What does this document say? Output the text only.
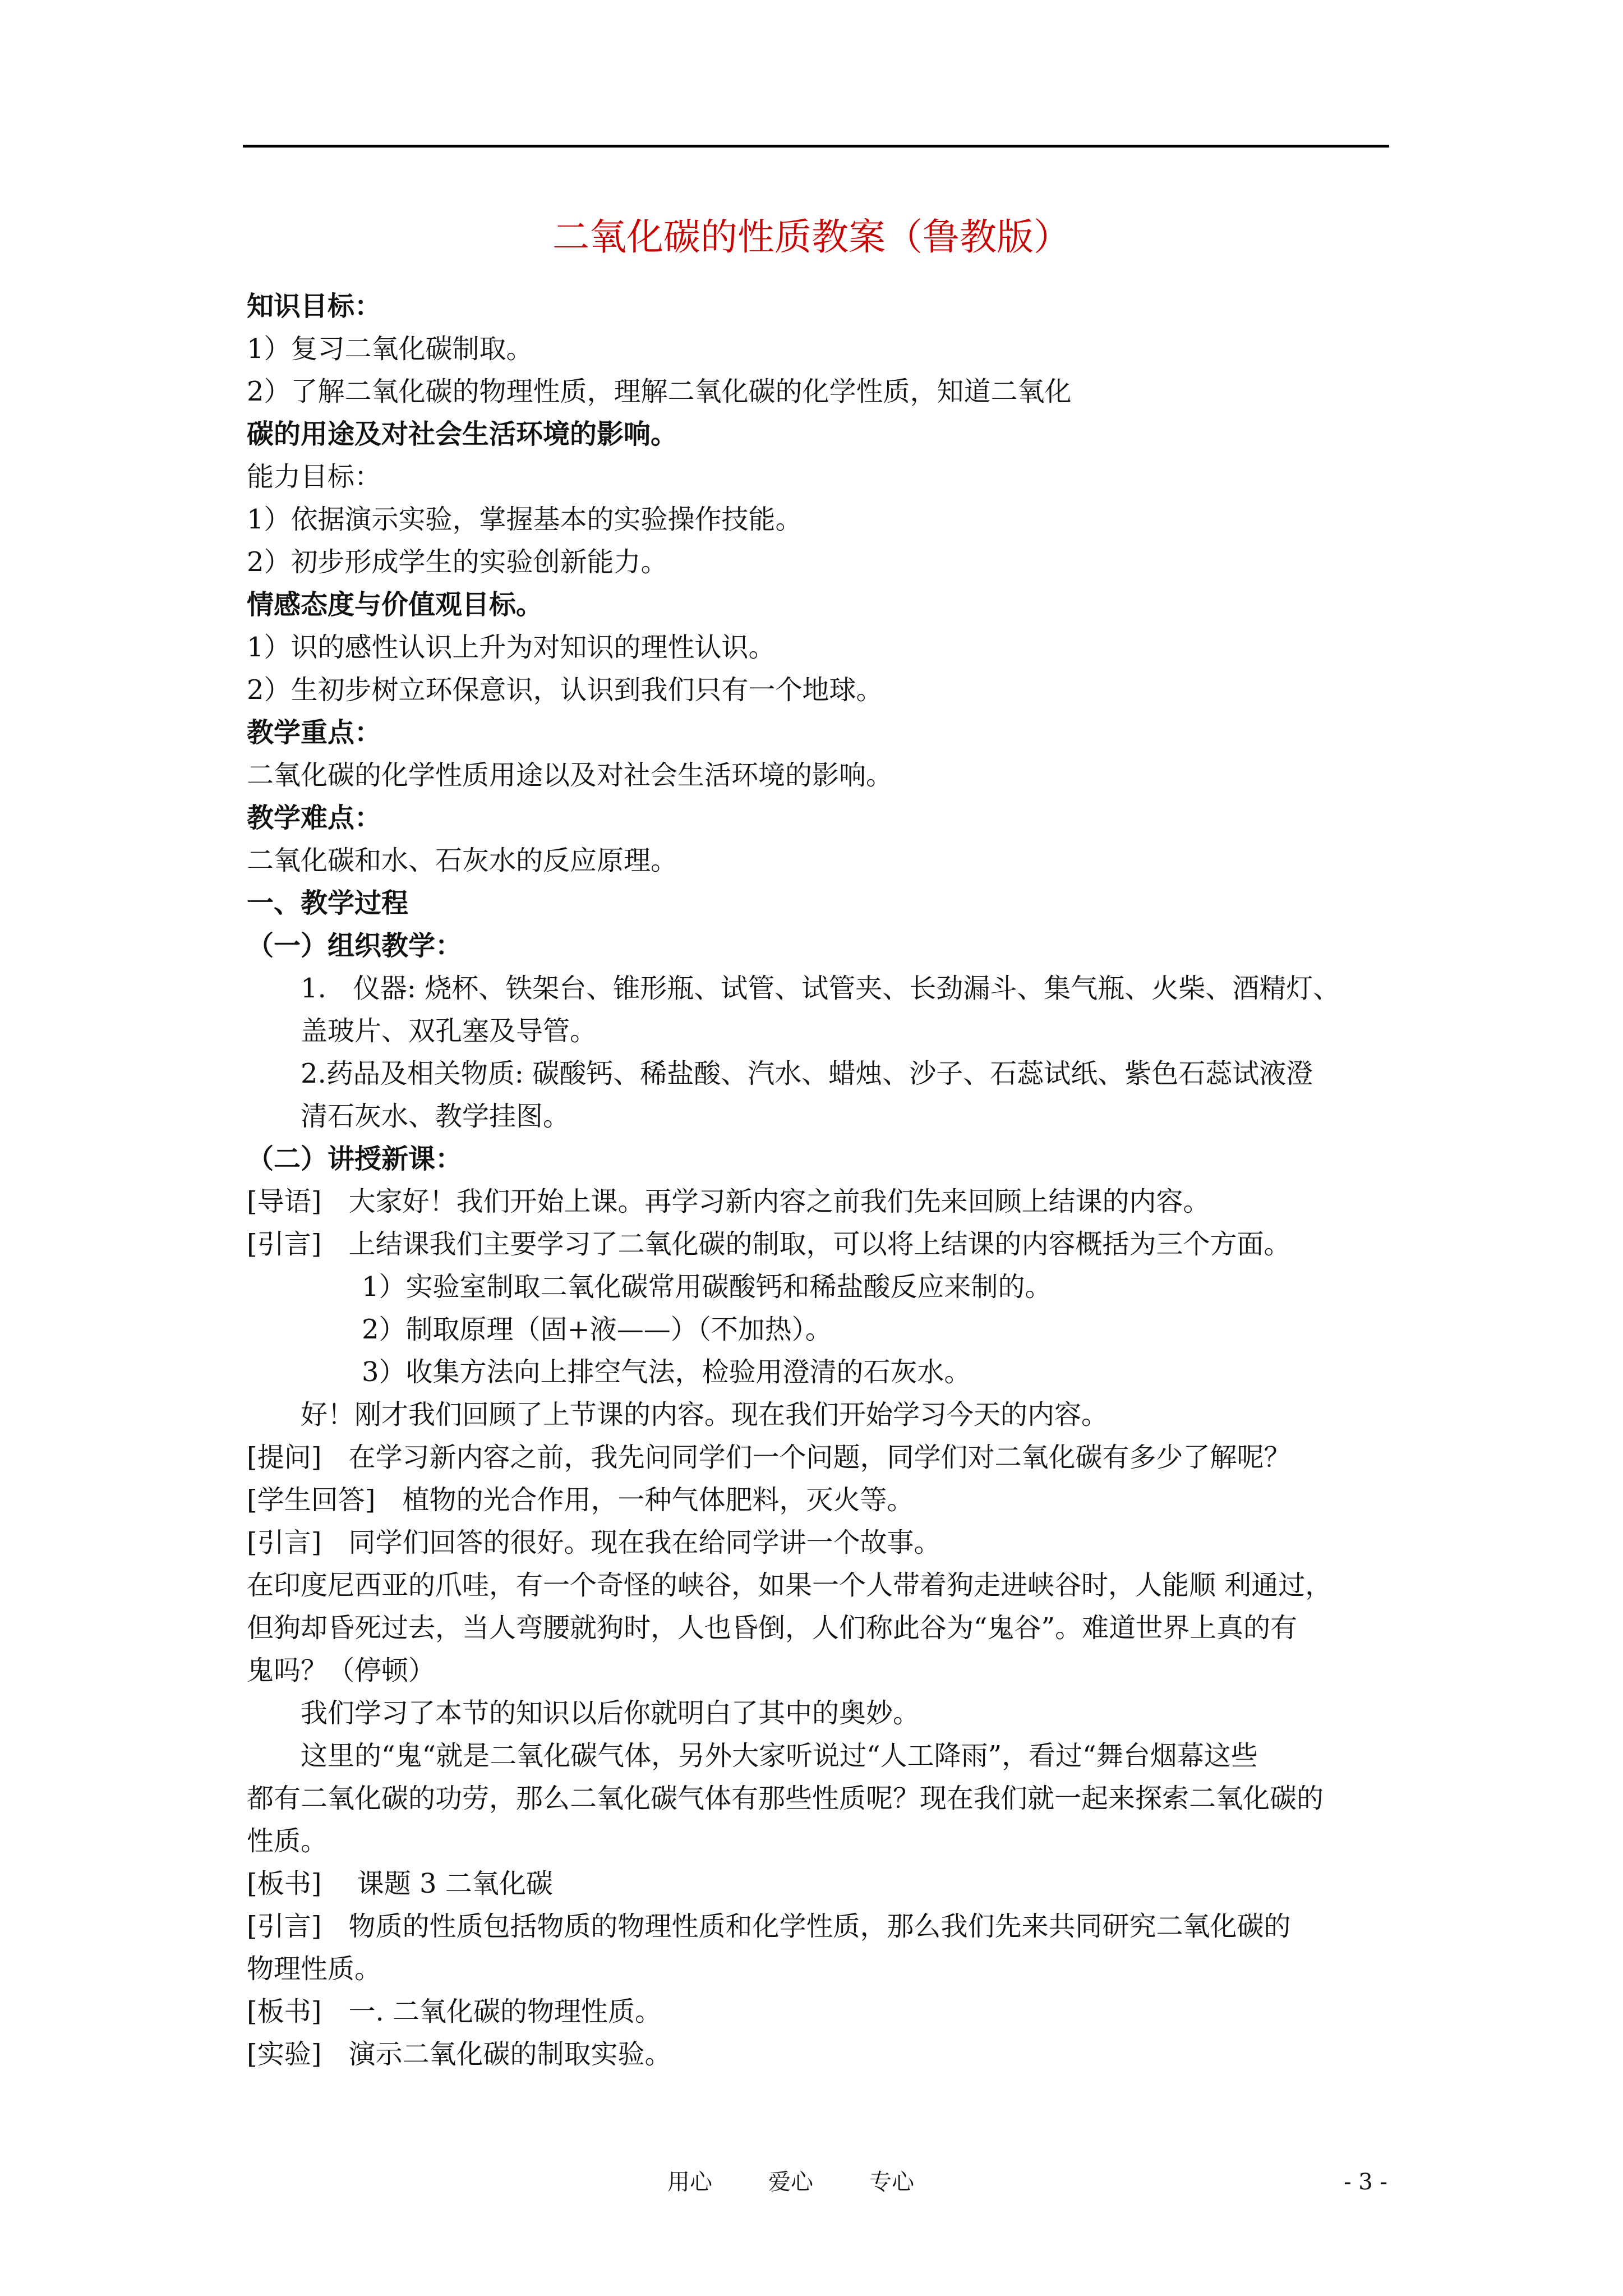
二氧化碳的性质教案（鲁教版）

知识目标：

1）复习二氧化碳制取。

2）了解二氧化碳的物理性质，理解二氧化碳的化学性质，知道二氧化

碳的用途及对社会生活环境的影响。

能力目标：

1）依据演示实验，掌握基本的实验操作技能。

2）初步形成学生的实验创新能力。

情感态度与价值观目标。

1）识的感性认识上升为对知识的理性认识。

2）生初步树立环保意识，认识到我们只有一个地球。

教学重点：

二氧化碳的化学性质用途以及对社会生活环境的影响。

教学难点：

二氧化碳和水、石灰水的反应原理。

一、教学过程

（一）组织教学：

1.　仪器: 烧杯、铁架台、锥形瓶、试管、试管夹、长劲漏斗、集气瓶、火柴、酒精灯、

盖玻片、双孔塞及导管。

2.药品及相关物质: 碳酸钙、稀盐酸、汽水、蜡烛、沙子、石蕊试纸、紫色石蕊试液澄

清石灰水、教学挂图。

（二）讲授新课：

[导语]　大家好！我们开始上课。再学习新内容之前我们先来回顾上结课的内容。

[引言]　上结课我们主要学习了二氧化碳的制取，可以将上结课的内容概括为三个方面。

1）实验室制取二氧化碳常用碳酸钙和稀盐酸反应来制的。

2）制取原理（固+液——）（不加热）。

3）收集方法向上排空气法，检验用澄清的石灰水。

好！刚才我们回顾了上节课的内容。现在我们开始学习今天的内容。

[提问]　在学习新内容之前，我先问同学们一个问题，同学们对二氧化碳有多少了解呢？

[学生回答]　植物的光合作用，一种气体肥料，灭火等。

[引言]　同学们回答的很好。现在我在给同学讲一个故事。

在印度尼西亚的爪哇，有一个奇怪的峡谷，如果一个人带着狗走进峡谷时，人能顺 利通过，

但狗却昏死过去，当人弯腰就狗时，人也昏倒，人们称此谷为“鬼谷”。难道世界上真的有

鬼吗？（停顿）

我们学习了本节的知识以后你就明白了其中的奥妙。

这里的“鬼“就是二氧化碳气体，另外大家听说过“人工降雨”，看过“舞台烟幕这些

都有二氧化碳的功劳，那么二氧化碳气体有那些性质呢？现在我们就一起来探索二氧化碳的

性质。

[板书]　 课题 3 二氧化碳

[引言]　物质的性质包括物质的物理性质和化学性质，那么我们先来共同研究二氧化碳的

物理性质。

[板书]　一. 二氧化碳的物理性质。

[实验]　演示二氧化碳的制取实验。

用心	爱心	专心	- 3 -
